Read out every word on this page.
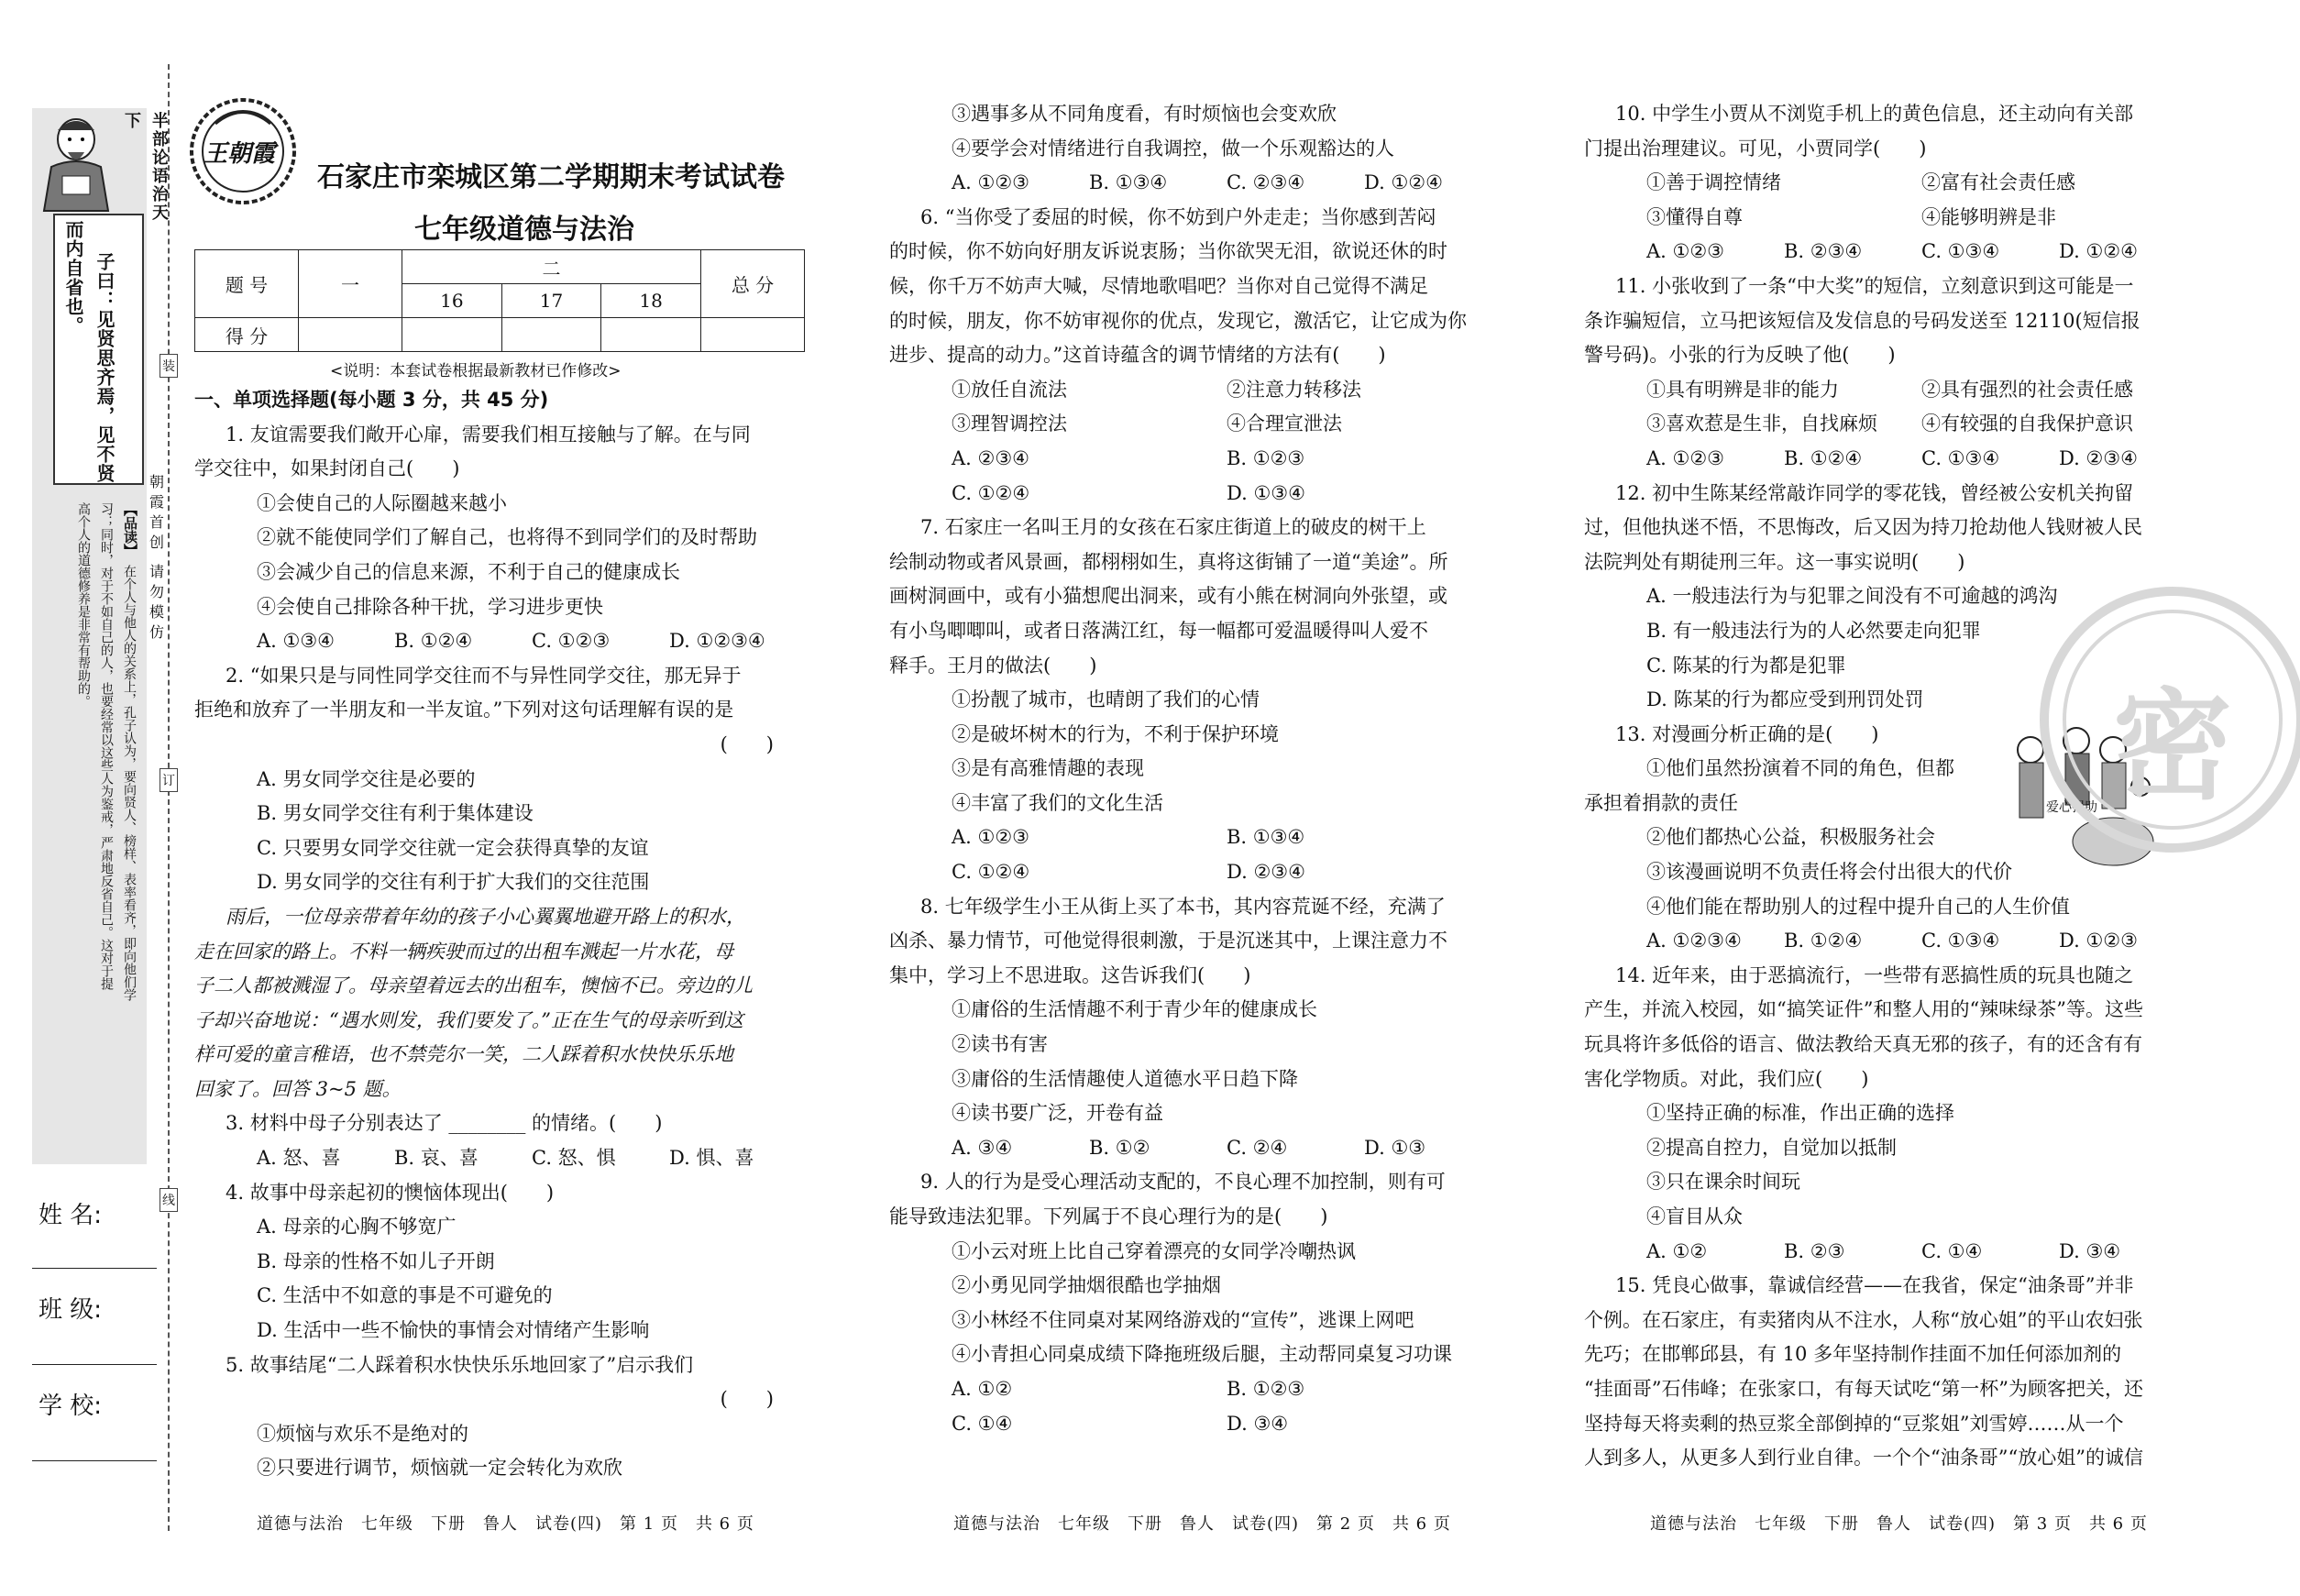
半部论语治天下
子曰：见贤思齐焉，见不贤
而内自省也。
【品读】
在个人与他人的关系上，孔子认为，要向贤人、榜样、表率看齐，即向他们学
习；同时，对于不如自己的人，也要经常以这些人为鉴戒，严肃地反省自己。这对于提
高个人的道德修养是非常有帮助的。
姓 名:
班 级:
学 校:
装
订
线
朝
霞
首
创
请
勿
模
仿
王朝霞
石家庄市栾城区第二学期期末考试试卷
七年级道德与法治
题 号	一	二			总 分
		16	17	18	
得 分					
<说明：本套试卷根据最新教材已作修改>

一、单项选择题(每小题 3 分，共 45 分)

1. 友谊需要我们敞开心扉，需要我们相互接触与了解。在与同

学交往中，如果封闭自己(　　)

①会使自己的人际圈越来越小

②就不能使同学们了解自己，也将得不到同学们的及时帮助

③会减少自己的信息来源，不利于自己的健康成长

④会使自己排除各种干扰，学习进步更快

A. ①③④	B. ①②④	C. ①②③	D. ①②③④

2. “如果只是与同性同学交往而不与异性同学交往，那无异于

拒绝和放弃了一半朋友和一半友谊。”下列对这句话理解有误的是

(　　)

A. 男女同学交往是必要的

B. 男女同学交往有利于集体建设

C. 只要男女同学交往就一定会获得真挚的友谊

D. 男女同学的交往有利于扩大我们的交往范围

雨后，一位母亲带着年幼的孩子小心翼翼地避开路上的积水，

走在回家的路上。不料一辆疾驶而过的出租车溅起一片水花，母

子二人都被溅湿了。母亲望着远去的出租车，懊恼不已。旁边的儿

子却兴奋地说：“遇水则发，我们要发了。”正在生气的母亲听到这

样可爱的童言稚语，也不禁莞尔一笑，二人踩着积水快快乐乐地

回家了。回答 3~5 题。

3. 材料中母子分别表达了 ________ 的情绪。(　　)

A. 怒、喜	B. 哀、喜	C. 怒、惧	D. 惧、喜

4. 故事中母亲起初的懊恼体现出(　　)

A. 母亲的心胸不够宽广

B. 母亲的性格不如儿子开朗

C. 生活中不如意的事是不可避免的

D. 生活中一些不愉快的事情会对情绪产生影响

5. 故事结尾“二人踩着积水快快乐乐地回家了”启示我们

(　　)

①烦恼与欢乐不是绝对的

②只要进行调节，烦恼就一定会转化为欢欣

③遇事多从不同角度看，有时烦恼也会变欢欣

④要学会对情绪进行自我调控，做一个乐观豁达的人

A. ①②③	B. ①③④	C. ②③④	D. ①②④

6. “当你受了委屈的时候，你不妨到户外走走；当你感到苦闷

的时候，你不妨向好朋友诉说衷肠；当你欲哭无泪，欲说还休的时

候，你千万不妨声大喊，尽情地歌唱吧？当你对自己觉得不满足

的时候，朋友，你不妨审视你的优点，发现它，激活它，让它成为你

进步、提高的动力。”这首诗蕴含的调节情绪的方法有(　　)

①放任自流法	②注意力转移法

③理智调控法	④合理宣泄法

A. ②③④	B. ①②③

C. ①②④	D. ①③④

7. 石家庄一名叫王月的女孩在石家庄街道上的破皮的树干上

绘制动物或者风景画，都栩栩如生，真将这街铺了一道“美途”。所

画树洞画中，或有小猫想爬出洞来，或有小熊在树洞向外张望，或

有小鸟唧唧叫，或者日落满江红，每一幅都可爱温暖得叫人爱不

释手。王月的做法(　　)

①扮靓了城市，也晴朗了我们的心情

②是破坏树木的行为，不利于保护环境

③是有高雅情趣的表现

④丰富了我们的文化生活

A. ①②③	B. ①③④

C. ①②④	D. ②③④

8. 七年级学生小王从街上买了本书，其内容荒诞不经，充满了

凶杀、暴力情节，可他觉得很刺激，于是沉迷其中，上课注意力不

集中，学习上不思进取。这告诉我们(　　)

①庸俗的生活情趣不利于青少年的健康成长

②读书有害

③庸俗的生活情趣使人道德水平日趋下降

④读书要广泛，开卷有益

A. ③④	B. ①②	C. ②④	D. ①③

9. 人的行为是受心理活动支配的，不良心理不加控制，则有可

能导致违法犯罪。下列属于不良心理行为的是(　　)

①小云对班上比自己穿着漂亮的女同学冷嘲热讽

②小勇见同学抽烟很酷也学抽烟

③小林经不住同桌对某网络游戏的“宣传”，逃课上网吧

④小青担心同桌成绩下降拖班级后腿，主动帮同桌复习功课

A. ①②	B. ①②③

C. ①④	D. ③④

10. 中学生小贾从不浏览手机上的黄色信息，还主动向有关部

门提出治理建议。可见，小贾同学(　　)

①善于调控情绪	②富有社会责任感

③懂得自尊	④能够明辨是非

A. ①②③	B. ②③④	C. ①③④	D. ①②④

11. 小张收到了一条“中大奖”的短信，立刻意识到这可能是一

条诈骗短信，立马把该短信及发信息的号码发送至 12110(短信报

警号码)。小张的行为反映了他(　　)

①具有明辨是非的能力	②具有强烈的社会责任感

③喜欢惹是生非，自找麻烦	④有较强的自我保护意识

A. ①②③	B. ①②④	C. ①③④	D. ②③④

12. 初中生陈某经常敲诈同学的零花钱，曾经被公安机关拘留

过，但他执迷不悟，不思悔改，后又因为持刀抢劫他人钱财被人民

法院判处有期徒刑三年。这一事实说明(　　)

A. 一般违法行为与犯罪之间没有不可逾越的鸿沟

B. 有一般违法行为的人必然要走向犯罪

C. 陈某的行为都是犯罪

D. 陈某的行为都应受到刑罚处罚

13. 对漫画分析正确的是(　　)

①他们虽然扮演着不同的角色，但都

承担着捐款的责任

②他们都热心公益，积极服务社会

③该漫画说明不负责任将会付出很大的代价

④他们能在帮助别人的过程中提升自己的人生价值

A. ①②③④	B. ①②④	C. ①③④	D. ①②③

14. 近年来，由于恶搞流行，一些带有恶搞性质的玩具也随之

产生，并流入校园，如“搞笑证件”和整人用的“辣味绿茶”等。这些

玩具将许多低俗的语言、做法教给天真无邪的孩子，有的还含有有

害化学物质。对此，我们应(　　)

①坚持正确的标准，作出正确的选择

②提高自控力，自觉加以抵制

③只在课余时间玩

④盲目从众

A. ①②	B. ②③	C. ①④	D. ③④

15. 凭良心做事，靠诚信经营——在我省，保定“油条哥”并非

个例。在石家庄，有卖猪肉从不注水，人称“放心姐”的平山农妇张

先巧；在邯郸邱县，有 10 多年坚持制作挂面不加任何添加剂的

“挂面哥”石伟峰；在张家口，有每天试吃“第一杯”为顾客把关，还

坚持每天将卖剩的热豆浆全部倒掉的“豆浆姐”刘雪婷……从一个

人到多人，从更多人到行业自律。一个个“油条哥”“放心姐”的诚信

爱心捐助 密
道德与法治　七年级　下册　鲁人　试卷(四)　第 1 页　共 6 页	道德与法治　七年级　下册　鲁人　试卷(四)　第 2 页　共 6 页	道德与法治　七年级　下册　鲁人　试卷(四)　第 3 页　共 6 页
